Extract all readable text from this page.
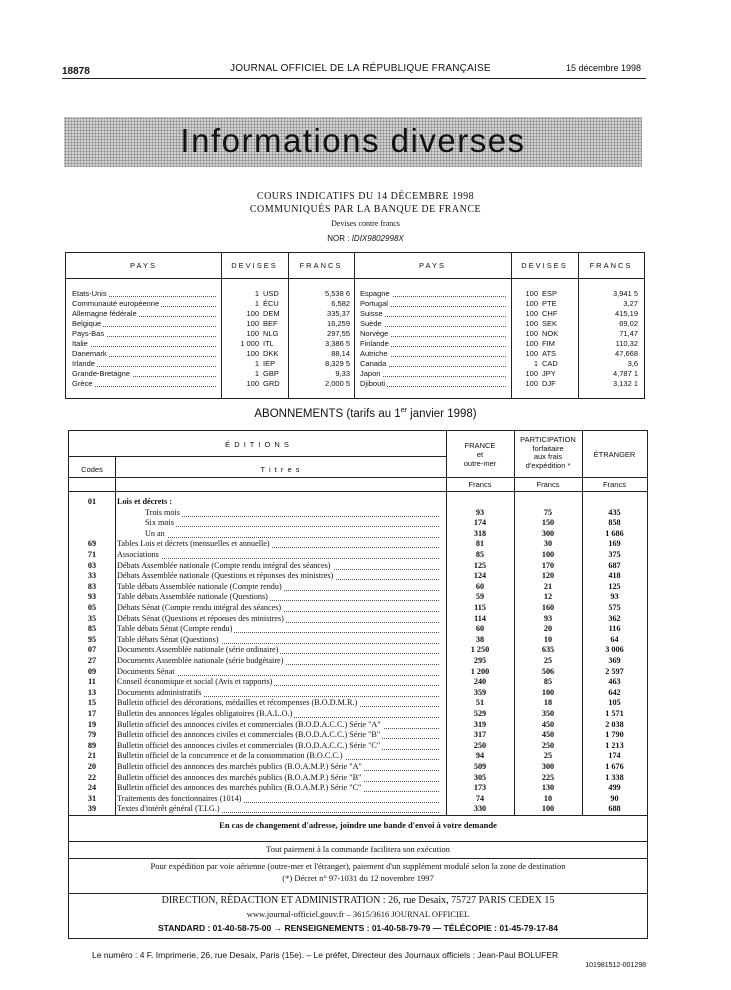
18878	JOURNAL OFFICIEL DE LA RÉPUBLIQUE FRANÇAISE	15 décembre 1998
Informations diverses
COURS INDICATIFS DU 14 DÉCEMBRE 1998
COMMUNIQUÉS PAR LA BANQUE DE FRANCE
Devises contre francs
NOR : IDIX9802998X
PAYS	DEVISES	FRANCS	PAYS	DEVISES	FRANCS
Etats-Unis	1 USD	5,538 6
Communauté européenne	1 ÉCU	6,582
Allemagne fédérale	100 DEM	335,37
Belgique	100 BEF	16,259
Pays-Bas	100 NLG	297,55
Italie	1 000 ITL	3,386 5
Danemark	100 DKK	88,14
Irlande	1 IEP	8,329 5
Grande-Bretagne	1 GBP	9,33
Grèce	100 GRD	2,000 5
Espagne	100 ESP	3,941 5
Portugal	100 PTE	3,27
Suisse	100 CHF	415,19
Suède	100 SEK	69,02
Norvège	100 NOK	71,47
Finlande	100 FIM	110,32
Autriche	100 ATS	47,668
Canada	1 CAD	3,6
Japon	100 JPY	4,787 1
Djibouti	100 DJF	3,132 1
ABONNEMENTS (tarifs au 1er janvier 1998)
É D I T I O N S
Codes	T i t r e s
FRANCE
et
outre-mer
PARTICIPATION
forfaitaire
aux frais
d'expédition *
ÉTRANGER
Francs	Francs	Francs
01	Lois et décrets :
Trois mois	93	75	435
Six mois	174	150	858
Un an	318	300	1 686
69	Tables Lois et décrets (mensuelles et annuelle)	81	30	169
71	Associations	85	100	375
03	Débats Assemblée nationale (Compte rendu intégral des séances)	125	170	687
33	Débats Assemblée nationale (Questions et réponses des ministres)	124	120	418
83	Table débats Assemblée nationale (Compte rendu)	60	21	125
93	Table débats Assemblée nationale (Questions)	59	12	93
05	Débats Sénat (Compte rendu intégral des séances)	115	160	575
35	Débats Sénat (Questions et réponses des ministres)	114	93	362
85	Table débats Sénat (Compte rendu)	60	20	116
95	Table débats Sénat (Questions)	38	10	64
07	Documents Assemblée nationale (série ordinaire)	1 250	635	3 006
27	Documents Assemblée nationale (série budgétaire)	295	25	369
09	Documents Sénat	1 200	506	2 597
11	Conseil économique et social (Avis et rapports)	240	85	463
13	Documents administratifs	359	100	642
15	Bulletin officiel des décorations, médailles et récompenses (B.O.D.M.R.)	51	18	105
17	Bulletin des annonces légales obligatoires (B.A.L.O.)	529	350	1 571
19	Bulletin officiel des annonces civiles et commerciales (B.O.D.A.C.C.) Série "A"	319	450	2 038
79	Bulletin officiel des annonces civiles et commerciales (B.O.D.A.C.C.) Série "B"	317	450	1 790
89	Bulletin officiel des annonces civiles et commerciales (B.O.D.A.C.C.) Série "C"	250	250	1 213
21	Bulletin officiel de la concurrence et de la consommation (B.O.C.C.)	94	25	174
20	Bulletin officiel des annonces des marchés publics (B.O.A.M.P.) Série "A"	509	300	1 676
22	Bulletin officiel des annonces des marchés publics (B.O.A.M.P.) Série "B"	305	225	1 338
24	Bulletin officiel des annonces des marchés publics (B.O.A.M.P.) Série "C"	173	130	499
31	Traitements des fonctionnaires (1014)	74	10	90
39	Textes d'intérêt général (T.I.G.)	330	100	688
En cas de changement d'adresse, joindre une bande d'envoi à votre demande
Tout paiement à la commande facilitera son exécution
Pour expédition par voie aérienne (outre-mer et l'étranger), paiement d'un supplément modulé selon la zone de destination
(*) Décret n° 97-1031 du 12 novembre 1997
DIRECTION, RÉDACTION ET ADMINISTRATION : 26, rue Desaix, 75727 PARIS CEDEX 15
www.journal-officiel.gouv.fr – 3615/3616 JOURNAL OFFICIEL
STANDARD : 01-40-58-75-00 → RENSEIGNEMENTS : 01-40-58-79-79 — TÉLÉCOPIE : 01-45-79-17-84
Le numéro : 4 F. Imprimerie, 26, rue Desaix, Paris (15e). – Le préfet, Directeur des Journaux officiels : Jean-Paul BOLUFER
101981512-001298
